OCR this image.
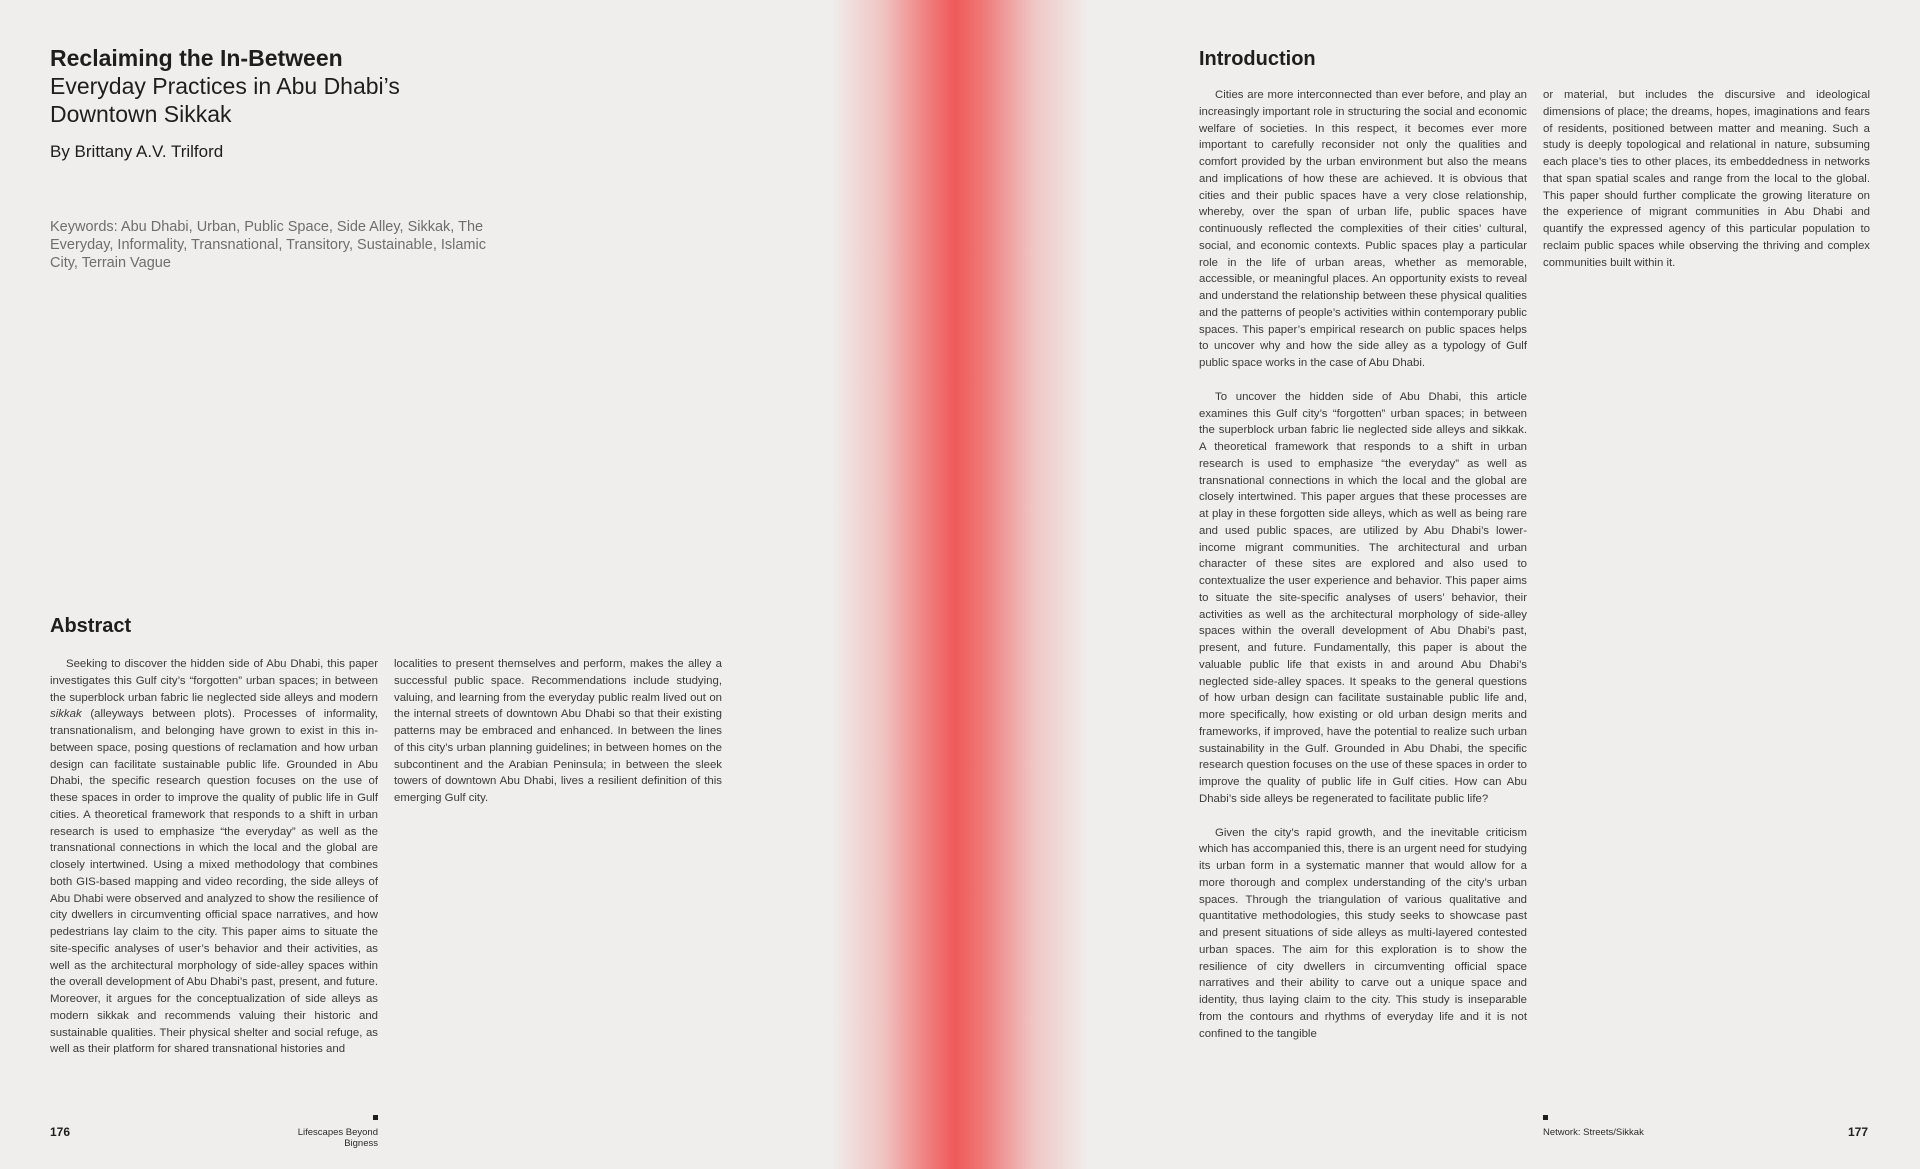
Reclaiming the In-Between
Everyday Practices in Abu Dhabi’s
Downtown Sikkak
By Brittany A.V. Trilford
Keywords: Abu Dhabi, Urban, Public Space, Side Alley, Sikkak, The Everyday, Informality, Transnational, Transitory, Sustainable, Islamic City, Terrain Vague
Abstract

Seeking to discover the hidden side of Abu Dhabi, this paper investigates this Gulf city’s “forgotten” urban spaces; in between the superblock urban fabric lie neglected side alleys and modern sikkak (alleyways between plots). Processes of informality, transnationalism, and belonging have grown to exist in this in-between space, posing questions of reclamation and how urban design can facilitate sustainable public life. Grounded in Abu Dhabi, the specific research question focuses on the use of these spaces in order to improve the quality of public life in Gulf cities. A theoretical framework that responds to a shift in urban research is used to emphasize “the everyday” as well as the transnational connections in which the local and the global are closely intertwined. Using a mixed methodology that combines both GIS-based mapping and video recording, the side alleys of Abu Dhabi were observed and analyzed to show the resilience of city dwellers in circumventing official space narratives, and how pedestrians lay claim to the city. This paper aims to situate the site-specific analyses of user’s behavior and their activities, as well as the architectural morphology of side-alley spaces within the overall development of Abu Dhabi’s past, present, and future. Moreover, it argues for the conceptualization of side alleys as modern sikkak and recommends valuing their historic and sustainable qualities. Their physical shelter and social refuge, as well as their platform for shared transnational histories and

localities to present themselves and perform, makes the alley a successful public space. Recommendations include studying, valuing, and learning from the everyday public realm lived out on the internal streets of downtown Abu Dhabi so that their existing patterns may be embraced and enhanced. In between the lines of this city’s urban planning guidelines; in between homes on the subcontinent and the Arabian Peninsula; in between the sleek towers of downtown Abu Dhabi, lives a resilient definition of this emerging Gulf city.

176	Lifescapes Beyond Bigness
Introduction

Cities are more interconnected than ever before, and play an increasingly important role in structuring the social and economic welfare of societies. In this respect, it becomes ever more important to carefully reconsider not only the qualities and comfort provided by the urban environment but also the means and implications of how these are achieved. It is obvious that cities and their public spaces have a very close relationship, whereby, over the span of urban life, public spaces have continuously reflected the complexities of their cities’ cultural, social, and economic contexts. Public spaces play a particular role in the life of urban areas, whether as memorable, accessible, or meaningful places. An opportunity exists to reveal and understand the relationship between these physical qualities and the patterns of people’s activities within contemporary public spaces. This paper’s empirical research on public spaces helps to uncover why and how the side alley as a typology of Gulf public space works in the case of Abu Dhabi.

To uncover the hidden side of Abu Dhabi, this article examines this Gulf city’s “forgotten” urban spaces; in between the superblock urban fabric lie neglected side alleys and sikkak. A theoretical framework that responds to a shift in urban research is used to emphasize “the everyday” as well as transnational connections in which the local and the global are closely intertwined. This paper argues that these processes are at play in these forgotten side alleys, which as well as being rare and used public spaces, are utilized by Abu Dhabi’s lower-income migrant communities. The architectural and urban character of these sites are explored and also used to contextualize the user experience and behavior. This paper aims to situate the site-specific analyses of users’ behavior, their activities as well as the architectural morphology of side-alley spaces within the overall development of Abu Dhabi’s past, present, and future. Fundamentally, this paper is about the valuable public life that exists in and around Abu Dhabi’s neglected side-alley spaces. It speaks to the general questions of how urban design can facilitate sustainable public life and, more specifically, how existing or old urban design merits and frameworks, if improved, have the potential to realize such urban sustainability in the Gulf. Grounded in Abu Dhabi, the specific research question focuses on the use of these spaces in order to improve the quality of public life in Gulf cities. How can Abu Dhabi’s side alleys be regenerated to facilitate public life?

Given the city’s rapid growth, and the inevitable criticism which has accompanied this, there is an urgent need for studying its urban form in a systematic manner that would allow for a more thorough and complex understanding of the city’s urban spaces. Through the triangulation of various qualitative and quantitative methodologies, this study seeks to showcase past and present situations of side alleys as multi-layered contested urban spaces. The aim for this exploration is to show the resilience of city dwellers in circumventing official space narratives and their ability to carve out a unique space and identity, thus laying claim to the city. This study is inseparable from the contours and rhythms of everyday life and it is not confined to the tangible

or material, but includes the discursive and ideological dimensions of place; the dreams, hopes, imaginations and fears of residents, positioned between matter and meaning. Such a study is deeply topological and relational in nature, subsuming each place’s ties to other places, its embeddedness in networks that span spatial scales and range from the local to the global. This paper should further complicate the growing literature on the experience of migrant communities in Abu Dhabi and quantify the expressed agency of this particular population to reclaim public spaces while observing the thriving and complex communities built within it.

Network: Streets/Sikkak	177
